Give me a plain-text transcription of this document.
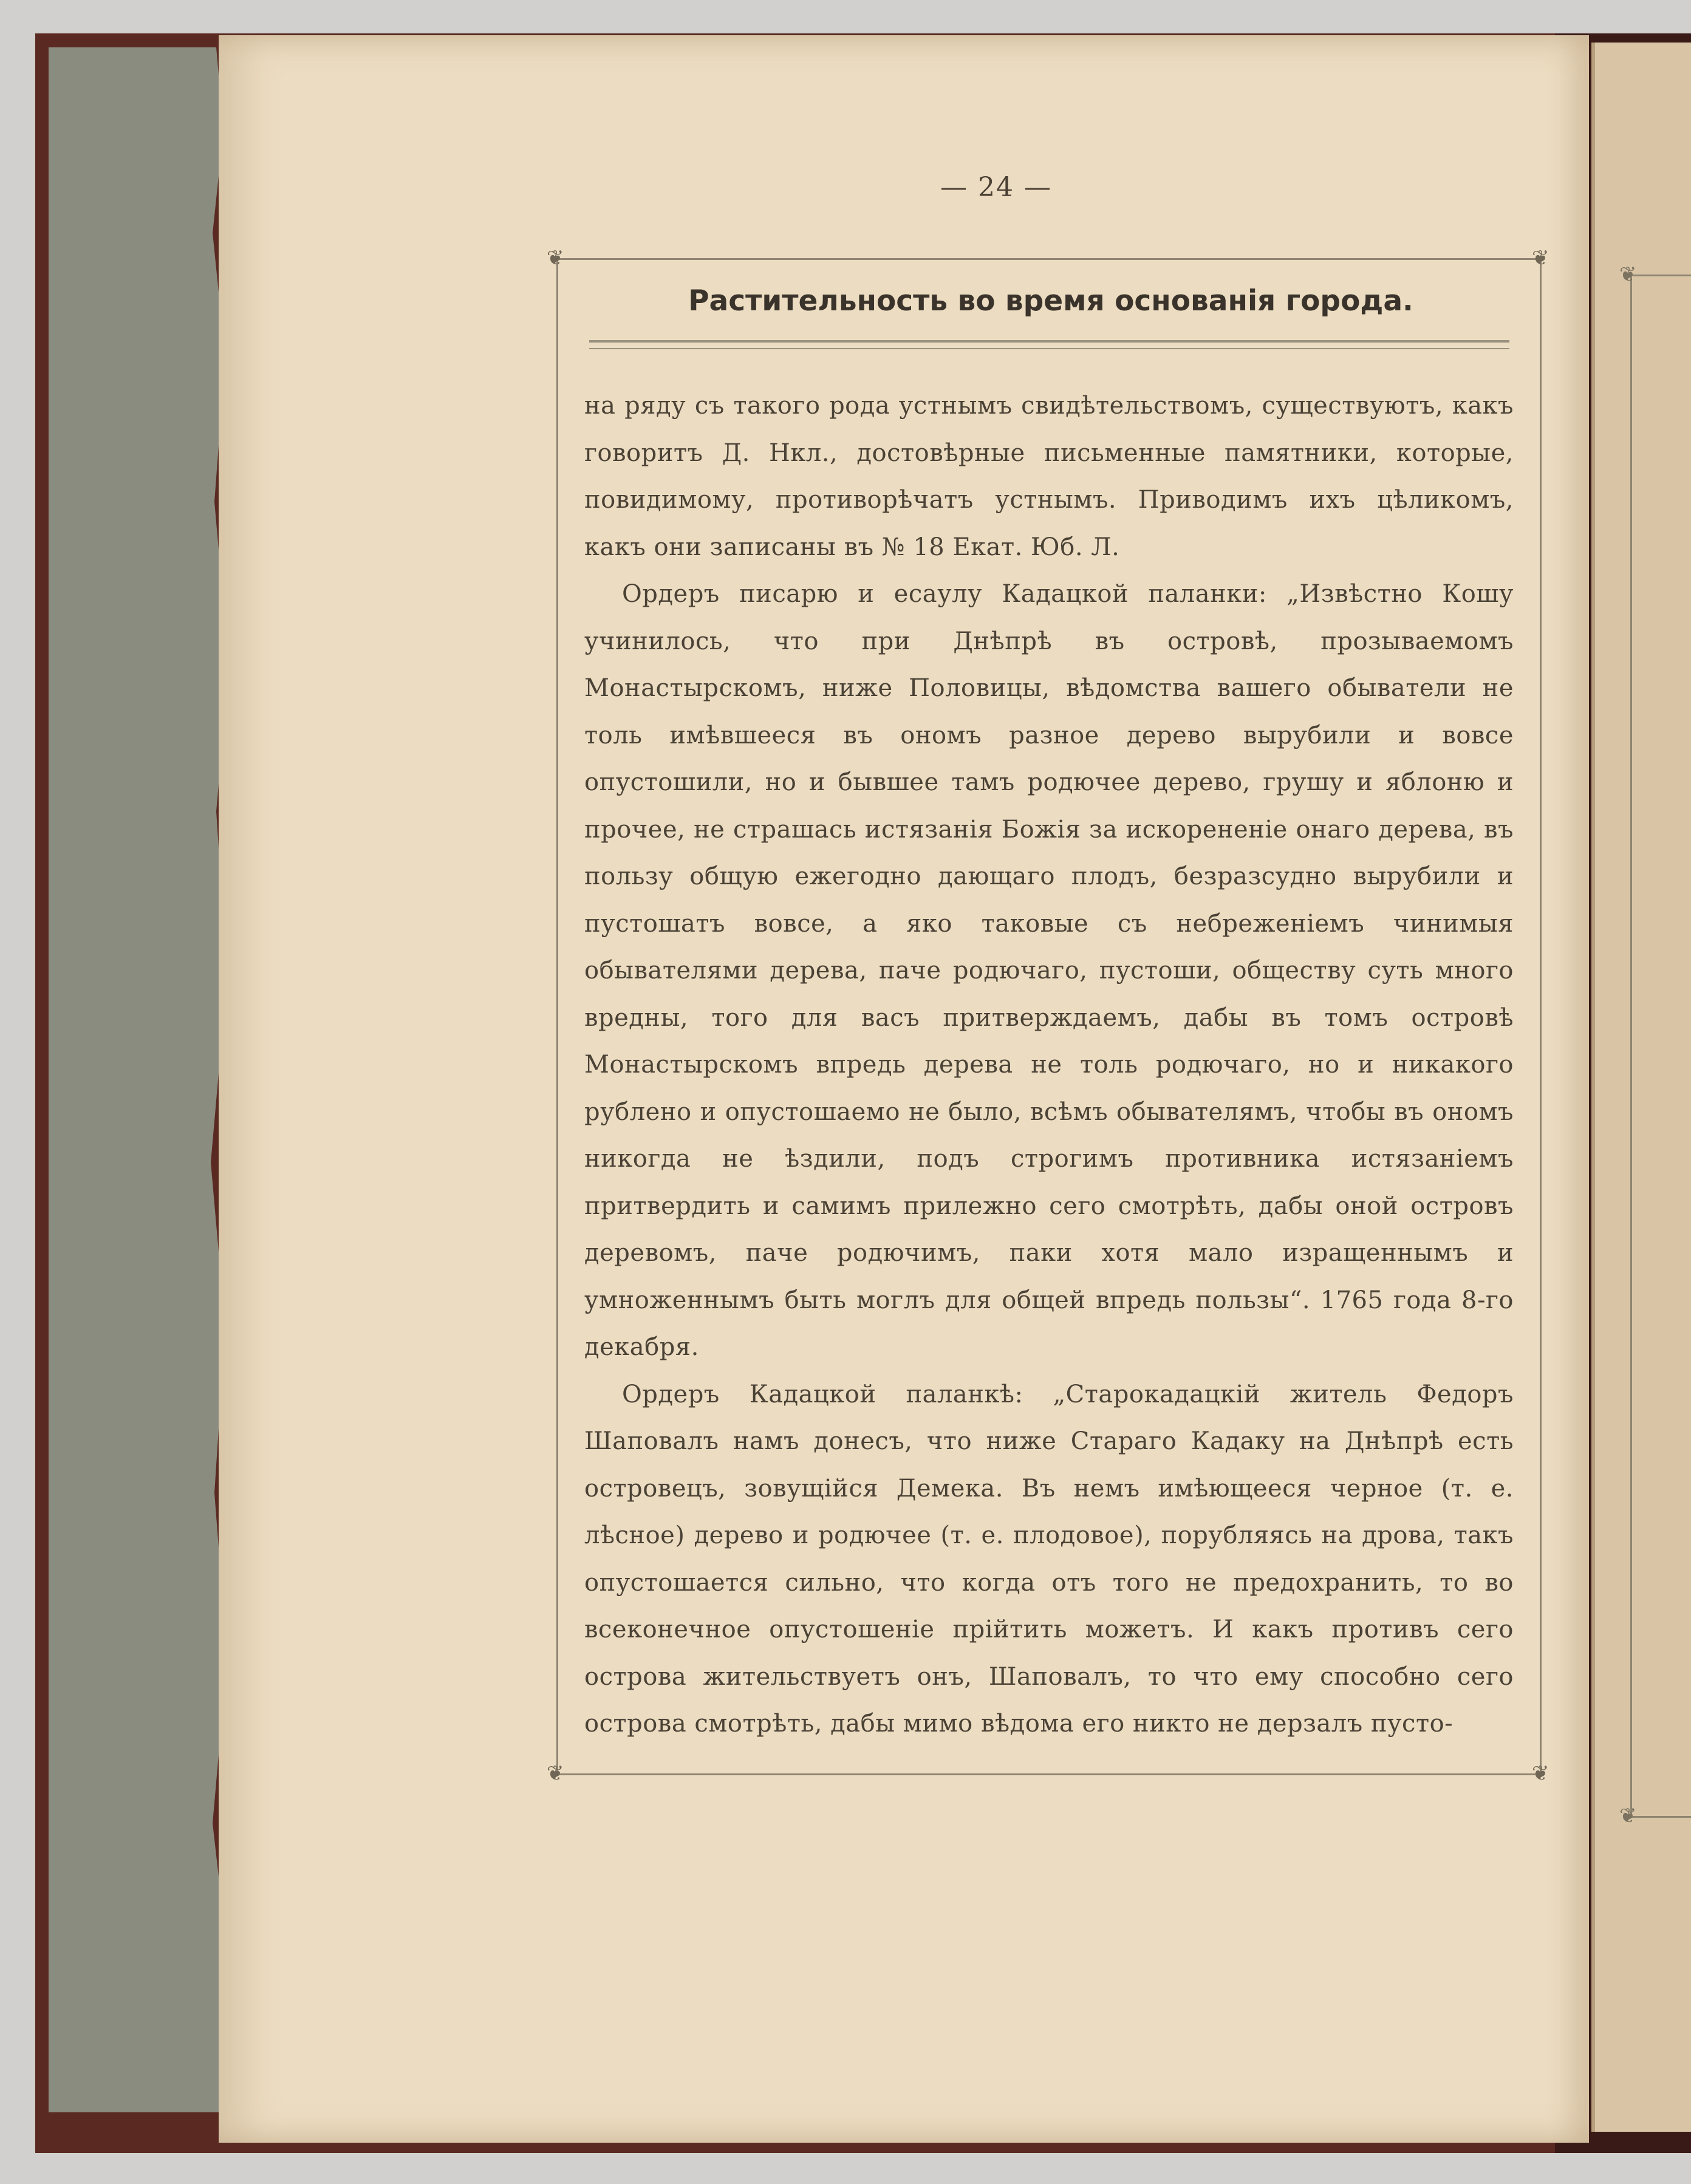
❦
❦
— 24 —
❦	❦
❦	❦
Растительность во время основанія города.

на ряду съ такого рода устнымъ свидѣтельствомъ, существуютъ, какъ говоритъ Д. Нкл., достовѣрные письменные памятники, которые, повидимому, противорѣчатъ устнымъ. Приводимъ ихъ цѣликомъ, какъ они записаны въ № 18 Екат. Юб. Л.

Ордеръ писарю и есаулу Кадацкой паланки: „Извѣстно Кошу учинилось, что при Днѣпрѣ въ островѣ, прозываемомъ Монастырскомъ, ниже Половицы, вѣдомства вашего обыватели не толь имѣвшееся въ ономъ разное дерево вырубили и вовсе опустошили, но и бывшее тамъ родючее дерево, грушу и яблоню и прочее, не страшась истязанія Божія за искорененіе онаго дерева, въ пользу общую ежегодно дающаго плодъ, безразсудно вырубили и пустошатъ вовсе, а яко таковые съ небреженіемъ чинимыя обывателями дерева, паче родючаго, пустоши, обществу суть много вредны, того для васъ притверждаемъ, дабы въ томъ островѣ Монастырскомъ впредь дерева не толь родючаго, но и никакого рублено и опустошаемо не было, всѣмъ обывателямъ, чтобы въ ономъ никогда не ѣздили, подъ строгимъ противника истязаніемъ притвердить и самимъ прилежно сего смотрѣть, дабы оной островъ деревомъ, паче родючимъ, паки хотя мало изращеннымъ и умноженнымъ быть моглъ для общей впредь пользы“. 1765 года 8-го декабря.

Ордеръ Кадацкой паланкѣ: „Старокадацкій житель Федоръ Шаповалъ намъ донесъ, что ниже Стараго Кадаку на Днѣпрѣ есть островецъ, зовущійся Демека. Въ немъ имѣющееся черное (т. е. лѣсное) дерево и родючее (т. е. плодовое), порубляясь на дрова, такъ опустошается сильно, что когда отъ того не предохранить, то во всеконечное опустошеніе прійтить можетъ. И какъ противъ сего острова жительствуетъ онъ, Шаповалъ, то что ему способно сего острова смотрѣть, дабы мимо вѣдома его никто не дерзалъ пусто-
